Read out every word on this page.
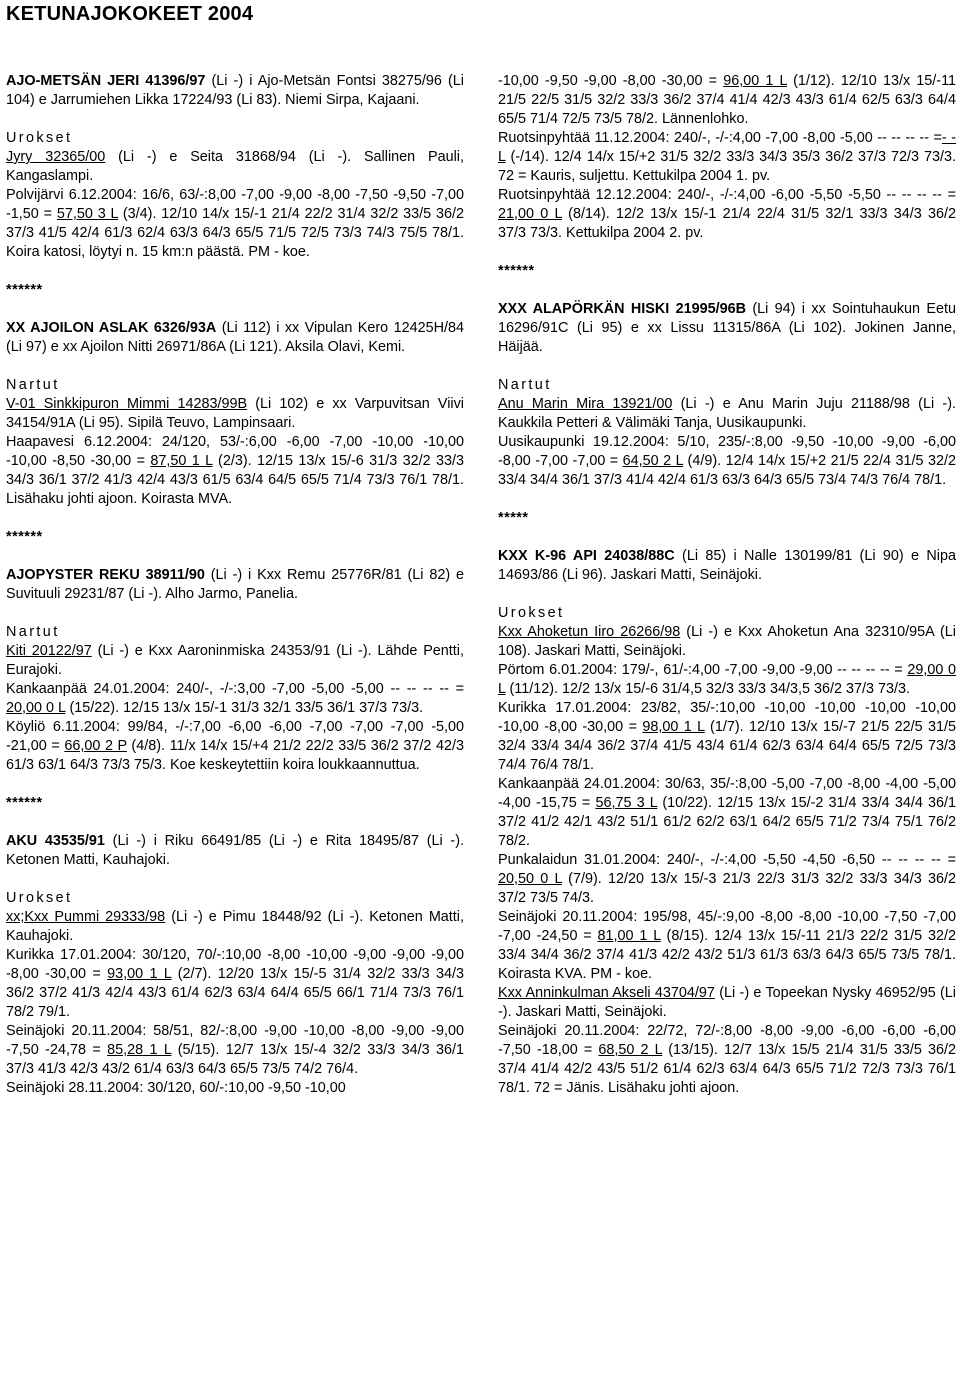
KETUNAJOKOKEET 2004

AJO-METSÄN JERI 41396/97 (Li -) i Ajo-Metsän Fontsi 38275/96 (Li 104) e Jarrumiehen Likka 17224/93 (Li 83). Niemi Sirpa, Kajaani.

Urokset

Jyry 32365/00 (Li -) e Seita 31868/94 (Li -). Sallinen Pauli, Kangaslampi.

Polvijärvi 6.12.2004: 16/6, 63/-:8,00 -7,00 -9,00 -8,00 -7,50 -9,50 -7,00 -1,50 = 57,50 3 L (3/4). 12/10 14/x 15/-1 21/4 22/2 31/4 32/2 33/5 36/2 37/3 41/5 42/4 61/3 62/4 63/3 64/3 65/5 71/5 72/5 73/3 74/3 75/5 78/1. Koira katosi, löytyi n. 15 km:n päästä. PM - koe.

******

XX AJOILON ASLAK 6326/93A (Li 112) i xx Vipulan Kero 12425H/84 (Li 97) e xx Ajoilon Nitti 26971/86A (Li 121). Aksila Olavi, Kemi.

Nartut

V-01 Sinkkipuron Mimmi 14283/99B (Li 102) e xx Varpuvitsan Viivi 34154/91A (Li 95). Sipilä Teuvo, Lampinsaari.

Haapavesi 6.12.2004: 24/120, 53/-:6,00 -6,00 -7,00 -10,00 -10,00 -10,00 -8,50 -30,00 = 87,50 1 L (2/3). 12/15 13/x 15/-6 31/3 32/2 33/3 34/3 36/1 37/2 41/3 42/4 43/3 61/5 63/4 64/5 65/5 71/4 73/3 76/1 78/1. Lisähaku johti ajoon. Koirasta MVA.

******

AJOPYSTER REKU 38911/90 (Li -) i Kxx Remu 25776R/81 (Li 82) e Suvituuli 29231/87 (Li -). Alho Jarmo, Panelia.

Nartut

Kiti 20122/97 (Li -) e Kxx Aaroninmiska 24353/91 (Li -). Lähde Pentti, Eurajoki.

Kankaanpää 24.01.2004: 240/-, -/-:3,00 -7,00 -5,00 -5,00 -- -- -- -- = 20,00 0 L (15/22). 12/15 13/x 15/-1 31/3 32/1 33/5 36/1 37/3 73/3.

Köyliö 6.11.2004: 99/84, -/-:7,00 -6,00 -6,00 -7,00 -7,00 -7,00 -5,00 -21,00 = 66,00 2 P (4/8). 11/x 14/x 15/+4 21/2 22/2 33/5 36/2 37/2 42/3 61/3 63/1 64/3 73/3 75/3. Koe keskeytettiin koira loukkaannuttua.

******

AKU 43535/91 (Li -) i Riku 66491/85 (Li -) e Rita 18495/87 (Li -). Ketonen Matti, Kauhajoki.

Urokset

xx;Kxx Pummi 29333/98 (Li -) e Pimu 18448/92 (Li -). Ketonen Matti, Kauhajoki.

Kurikka 17.01.2004: 30/120, 70/-:10,00 -8,00 -10,00 -9,00 -9,00 -9,00 -8,00 -30,00 = 93,00 1 L (2/7). 12/20 13/x 15/-5 31/4 32/2 33/3 34/3 36/2 37/2 41/3 42/4 43/3 61/4 62/3 63/4 64/4 65/5 66/1 71/4 73/3 76/1 78/2 79/1.

Seinäjoki 20.11.2004: 58/51, 82/-:8,00 -9,00 -10,00 -8,00 -9,00 -9,00 -7,50 -24,78 = 85,28 1 L (5/15). 12/7 13/x 15/-4 32/2 33/3 34/3 36/1 37/3 41/3 42/3 43/2 61/4 63/3 64/3 65/5 73/5 74/2 76/4.

Seinäjoki 28.11.2004: 30/120, 60/-:10,00 -9,50 -10,00

-10,00 -9,50 -9,00 -8,00 -30,00 = 96,00 1 L (1/12). 12/10 13/x 15/-11 21/5 22/5 31/5 32/2 33/3 36/2 37/4 41/4 42/3 43/3 61/4 62/5 63/3 64/4 65/5 71/4 72/5 73/5 78/2. Lännenlohko.

Ruotsinpyhtää 11.12.2004: 240/-, -/-:4,00 -7,00 -8,00 -5,00 -- -- -- -- =- - L (-/14). 12/4 14/x 15/+2 31/5 32/2 33/3 34/3 35/3 36/2 37/3 72/3 73/3. 72 = Kauris, suljettu. Kettukilpa 2004 1. pv.

Ruotsinpyhtää 12.12.2004: 240/-, -/-:4,00 -6,00 -5,50 -5,50 -- -- -- -- = 21,00 0 L (8/14). 12/2 13/x 15/-1 21/4 22/4 31/5 32/1 33/3 34/3 36/2 37/3 73/3. Kettukilpa 2004 2. pv.

******

XXX ALAPÖRKÄN HISKI 21995/96B (Li 94) i xx Sointuhaukun Eetu 16296/91C (Li 95) e xx Lissu 11315/86A (Li 102). Jokinen Janne, Häijää.

Nartut

Anu Marin Mira 13921/00 (Li -) e Anu Marin Juju 21188/98 (Li -). Kaukkila Petteri & Välimäki Tanja, Uusikaupunki.

Uusikaupunki 19.12.2004: 5/10, 235/-:8,00 -9,50 -10,00 -9,00 -6,00 -8,00 -7,00 -7,00 = 64,50 2 L (4/9). 12/4 14/x 15/+2 21/5 22/4 31/5 32/2 33/4 34/4 36/1 37/3 41/4 42/4 61/3 63/3 64/3 65/5 73/4 74/3 76/4 78/1.

*****

KXX K-96 API 24038/88C (Li 85) i Nalle 130199/81 (Li 90) e Nipa 14693/86 (Li 96). Jaskari Matti, Seinäjoki.

Urokset

Kxx Ahoketun Iiro 26266/98 (Li -) e Kxx Ahoketun Ana 32310/95A (Li 108). Jaskari Matti, Seinäjoki.

Pörtom 6.01.2004: 179/-, 61/-:4,00 -7,00 -9,00 -9,00 -- -- -- -- = 29,00 0 L (11/12). 12/2 13/x 15/-6 31/4,5 32/3 33/3 34/3,5 36/2 37/3 73/3.

Kurikka 17.01.2004: 23/82, 35/-:10,00 -10,00 -10,00 -10,00 -10,00 -10,00 -8,00 -30,00 = 98,00 1 L (1/7). 12/10 13/x 15/-7 21/5 22/5 31/5 32/4 33/4 34/4 36/2 37/4 41/5 43/4 61/4 62/3 63/4 64/4 65/5 72/5 73/3 74/4 76/4 78/1.

Kankaanpää 24.01.2004: 30/63, 35/-:8,00 -5,00 -7,00 -8,00 -4,00 -5,00 -4,00 -15,75 = 56,75 3 L (10/22). 12/15 13/x 15/-2 31/4 33/4 34/4 36/1 37/2 41/2 42/1 43/2 51/1 61/2 62/2 63/1 64/2 65/5 71/2 73/4 75/1 76/2 78/2.

Punkalaidun 31.01.2004: 240/-, -/-:4,00 -5,50 -4,50 -6,50 -- -- -- -- = 20,50 0 L (7/9). 12/20 13/x 15/-3 21/3 22/3 31/3 32/2 33/3 34/3 36/2 37/2 73/5 74/3.

Seinäjoki 20.11.2004: 195/98, 45/-:9,00 -8,00 -8,00 -10,00 -7,50 -7,00 -7,00 -24,50 = 81,00 1 L (8/15). 12/4 13/x 15/-11 21/3 22/2 31/5 32/2 33/4 34/4 36/2 37/4 41/3 42/2 43/2 51/3 61/3 63/3 64/3 65/5 73/5 78/1. Koirasta KVA. PM - koe.

Kxx Anninkulman Akseli 43704/97 (Li -) e Topeekan Nysky 46952/95 (Li -). Jaskari Matti, Seinäjoki.

Seinäjoki 20.11.2004: 22/72, 72/-:8,00 -8,00 -9,00 -6,00 -6,00 -6,00 -7,50 -18,00 = 68,50 2 L (13/15). 12/7 13/x 15/5 21/4 31/5 33/5 36/2 37/4 41/4 42/2 43/5 51/2 61/4 62/3 63/4 64/3 65/5 71/2 72/3 73/3 76/1 78/1. 72 = Jänis. Lisähaku johti ajoon.
